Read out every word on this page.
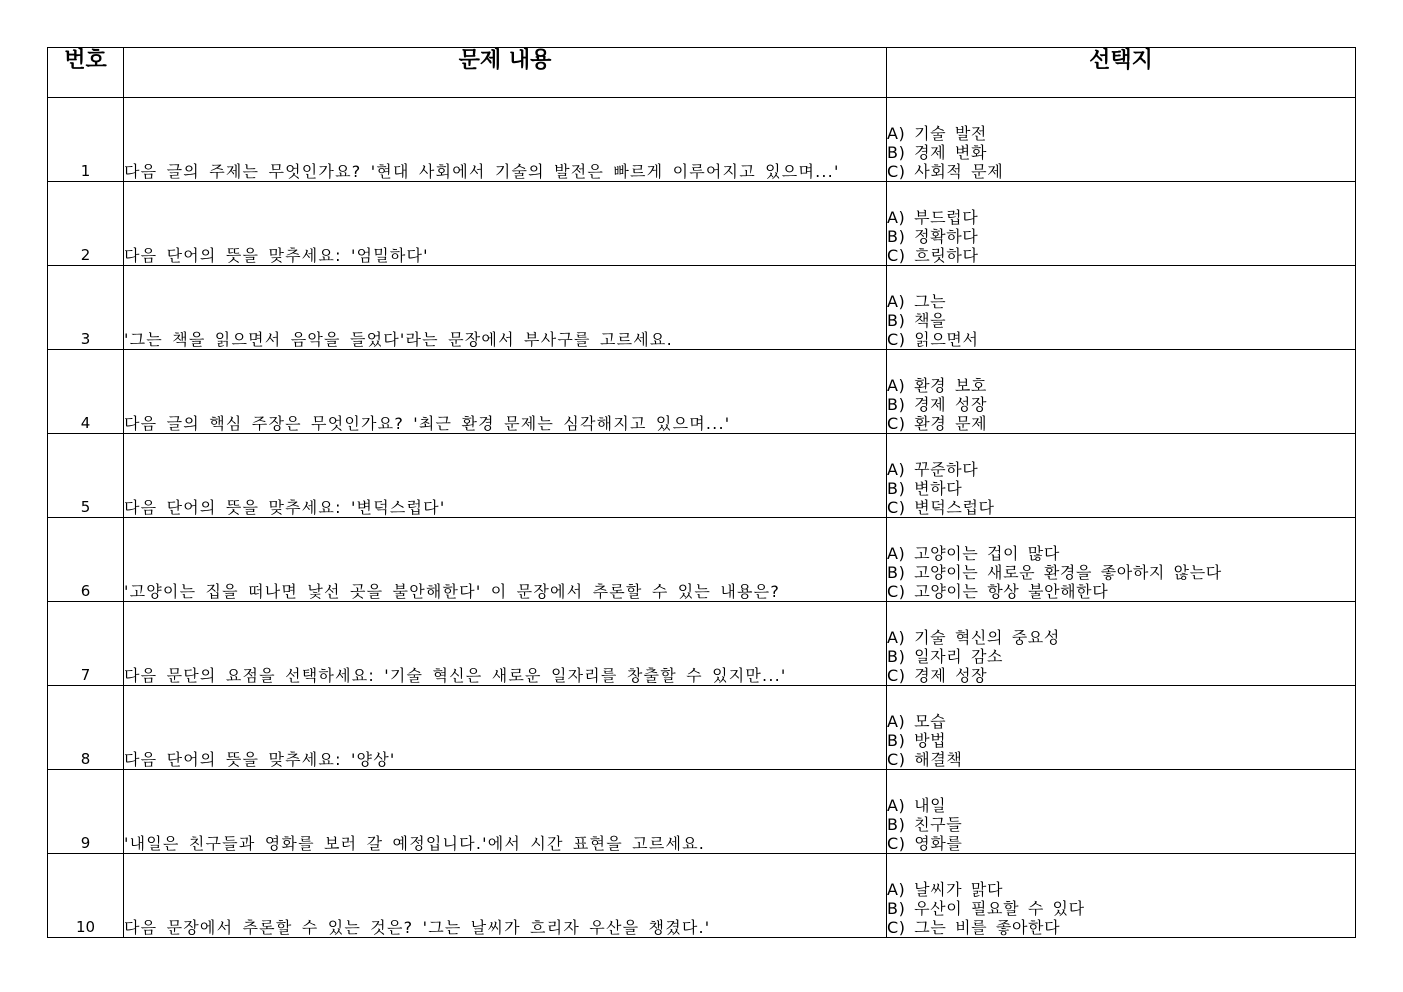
번호	문제 내용	선택지
1	다음 글의 주제는 무엇인가요? '현대 사회에서 기술의 발전은 빠르게 이루어지고 있으며...'	A) 기술 발전
B) 경제 변화
C) 사회적 문제

2	다음 단어의 뜻을 맞추세요: '엄밀하다'	A) 부드럽다
B) 정확하다
C) 흐릿하다

3	'그는 책을 읽으면서 음악을 들었다'라는 문장에서 부사구를 고르세요.	A) 그는
B) 책을
C) 읽으면서

4	다음 글의 핵심 주장은 무엇인가요? '최근 환경 문제는 심각해지고 있으며...'	A) 환경 보호
B) 경제 성장
C) 환경 문제

5	다음 단어의 뜻을 맞추세요: '변덕스럽다'	A) 꾸준하다
B) 변하다
C) 변덕스럽다

6	'고양이는 집을 떠나면 낯선 곳을 불안해한다' 이 문장에서 추론할 수 있는 내용은?	A) 고양이는 겁이 많다
B) 고양이는 새로운 환경을 좋아하지 않는다
C) 고양이는 항상 불안해한다

7	다음 문단의 요점을 선택하세요: '기술 혁신은 새로운 일자리를 창출할 수 있지만...'	A) 기술 혁신의 중요성
B) 일자리 감소
C) 경제 성장

8	다음 단어의 뜻을 맞추세요: '양상'	A) 모습
B) 방법
C) 해결책

9	'내일은 친구들과 영화를 보러 갈 예정입니다.'에서 시간 표현을 고르세요.	A) 내일
B) 친구들
C) 영화를

10	다음 문장에서 추론할 수 있는 것은? '그는 날씨가 흐리자 우산을 챙겼다.'	A) 날씨가 맑다
B) 우산이 필요할 수 있다
C) 그는 비를 좋아한다
